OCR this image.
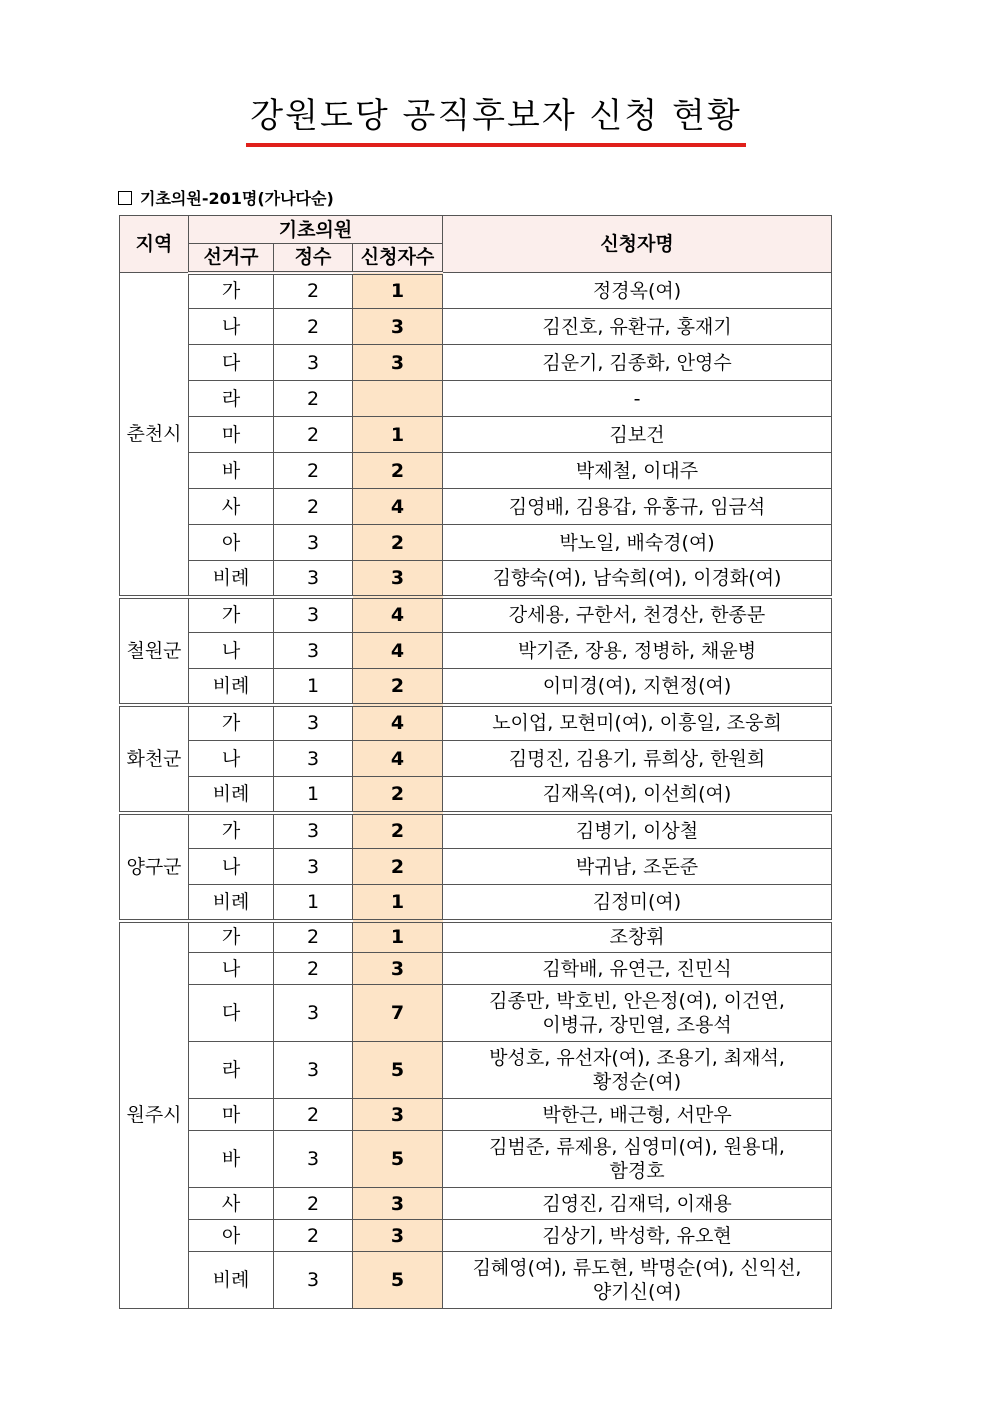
강원도당 공직후보자 신청 현황
기초의원-201명(가나다순)
지역	기초의원			신청자명
	선거구	정수	신청자수	
춘천시	가	2	1	정경옥(여)
	나	2	3	김진호, 유환규, 홍재기
	다	3	3	김운기, 김종화, 안영수
	라	2		-
	마	2	1	김보건
	바	2	2	박제철, 이대주
	사	2	4	김영배, 김용갑, 유홍규, 임금석
	아	3	2	박노일, 배숙경(여)
	비례	3	3	김향숙(여), 남숙희(여), 이경화(여)
철원군	가	3	4	강세용, 구한서, 천경산, 한종문
	나	3	4	박기준, 장용, 정병하, 채윤병
	비례	1	2	이미경(여), 지현정(여)
화천군	가	3	4	노이업, 모현미(여), 이흥일, 조웅희
	나	3	4	김명진, 김용기, 류희상, 한원희
	비례	1	2	김재옥(여), 이선희(여)
양구군	가	3	2	김병기, 이상철
	나	3	2	박귀남, 조돈준
	비례	1	1	김정미(여)
원주시	가	2	1	조창휘
	나	2	3	김학배, 유연근, 진민식
	다	3	7	김종만, 박호빈, 안은정(여), 이건연,
이병규, 장민열, 조용석

	라	3	5	방성호, 유선자(여), 조용기, 최재석,
황정순(여)

	마	2	3	박한근, 배근형, 서만우
	바	3	5	김범준, 류제용, 심영미(여), 원용대,
함경호

	사	2	3	김영진, 김재덕, 이재용
	아	2	3	김상기, 박성학, 유오현
	비례	3	5	김혜영(여), 류도현, 박명순(여), 신익선,
양기신(여)
